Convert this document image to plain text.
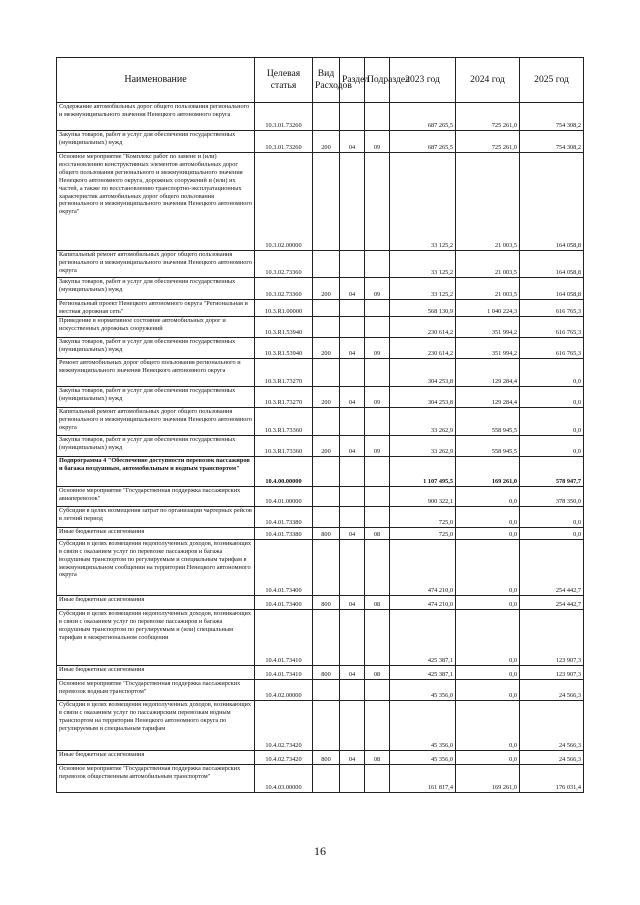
Наименование	Целевая статья	Вид Расходов	Раздел	Подраздел	2023 год	2024 год	2025 год
Содержание автомобильных дорог общего пользования регионального и межмуниципального значения Ненецкого автономного округа	10.3.01.73260				687 265,5	725 261,0	754 308,2
Закупка товаров, работ и услуг для обеспечения государственных (муниципальных) нужд	10.3.01.73260	200	04	09	687 265,5	725 261,0	754 308,2
Основное мероприятие "Комплекс работ по замене и (или) восстановлению конструктивных элементов автомобильных дорог общего пользования регионального и межмуниципального значения Ненецкого автономного округа, дорожных сооружений и (или) их частей, а также по восстановлению транспортно-эксплуатационных характеристик автомобильных дорог общего пользования регионального и межмуниципального значения Ненецкого автономного округа"	10.3.02.00000				33 125,2	21 003,5	164 058,8
Капитальный ремонт автомобильных дорог общего пользования регионального и межмуниципального значения Ненецкого автономного округа	10.3.02.73360				33 125,2	21 003,5	164 058,8
Закупка товаров, работ и услуг для обеспечения государственных (муниципальных) нужд	10.3.02.73360	200	04	09	33 125,2	21 003,5	164 058,8
Региональный проект Ненецкого автономного округа "Региональная и местная дорожная сеть"	10.3.R1.00000				568 130,9	1 040 224,3	616 765,3
Приведение в нормативное состояние автомобильных дорог и искусственных дорожных сооружений	10.3.R1.53940				230 614,2	351 994,2	616 765,3
Закупка товаров, работ и услуг для обеспечения государственных (муниципальных) нужд	10.3.R1.53940	200	04	09	230 614,2	351 994,2	616 765,3
Ремонт автомобильных дорог общего пользования регионального и межмуниципального значения Ненецкого автономного округа	10.3.R1.73270				304 253,8	129 284,4	0,0
Закупка товаров, работ и услуг для обеспечения государственных (муниципальных) нужд	10.3.R1.73270	200	04	09	304 253,8	129 284,4	0,0
Капитальный ремонт автомобильных дорог общего пользования регионального и межмуниципального значения Ненецкого автономного округа	10.3.R1.73360				33 262,9	558 945,5	0,0
Закупка товаров, работ и услуг для обеспечения государственных (муниципальных) нужд	10.3.R1.73360	200	04	09	33 262,9	558 945,5	0,0
Подпрограмма 4 "Обеспечение доступности перевозок пассажиров и багажа воздушным, автомобильным и водным транспортом"	10.4.00.00000				1 107 495,5	169 261,0	578 947,7
Основное мероприятие "Государственная поддержка пассажирских авиаперевозок"	10.4.01.00000				900 322,1	0,0	378 350,0
Субсидия в целях возмещения затрат по организации чартерных рейсов в летний период	10.4.01.73380				725,0	0,0	0,0
Иные бюджетные ассигнования	10.4.01.73380	800	04	08	725,0	0,0	0,0
Субсидии в целях возмещения недополученных доходов, возникающих в связи с оказанием услуг по перевозке пассажиров и багажа воздушным транспортом по регулируемым и специальным тарифам в межмуниципальном сообщении на территории Ненецкого автономного округа	10.4.01.73400				474 210,0	0,0	254 442,7
Иные бюджетные ассигнования	10.4.01.73400	800	04	08	474 210,0	0,0	254 442,7
Субсидии в целях возмещения недополученных доходов, возникающих в связи с оказанием услуг по перевозке пассажиров и багажа воздушным транспортом по регулируемым и (или) специальным тарифам в межрегиональном сообщении	10.4.01.73410				425 387,1	0,0	123 907,3
Иные бюджетные ассигнования	10.4.01.73410	800	04	08	425 387,1	0,0	123 907,3
Основное мероприятие "Государственная поддержка пассажирских перевозок водным транспортом"	10.4.02.00000				45 356,0	0,0	24 566,3
Субсидии в целях возмещения недополученных доходов, возникающих в связи с оказанием услуг по пассажирским перевозкам водным транспортом на территории Ненецкого автономного округа по регулируемым и специальным тарифам	10.4.02.73420				45 356,0	0,0	24 566,3
Иные бюджетные ассигнования	10.4.02.73420	800	04	08	45 356,0	0,0	24 566,3
Основное мероприятие "Государственная поддержка пассажирских перевозок общественным автомобильным транспортом"	10.4.03.00000				161 817,4	169 261,0	176 031,4
16
